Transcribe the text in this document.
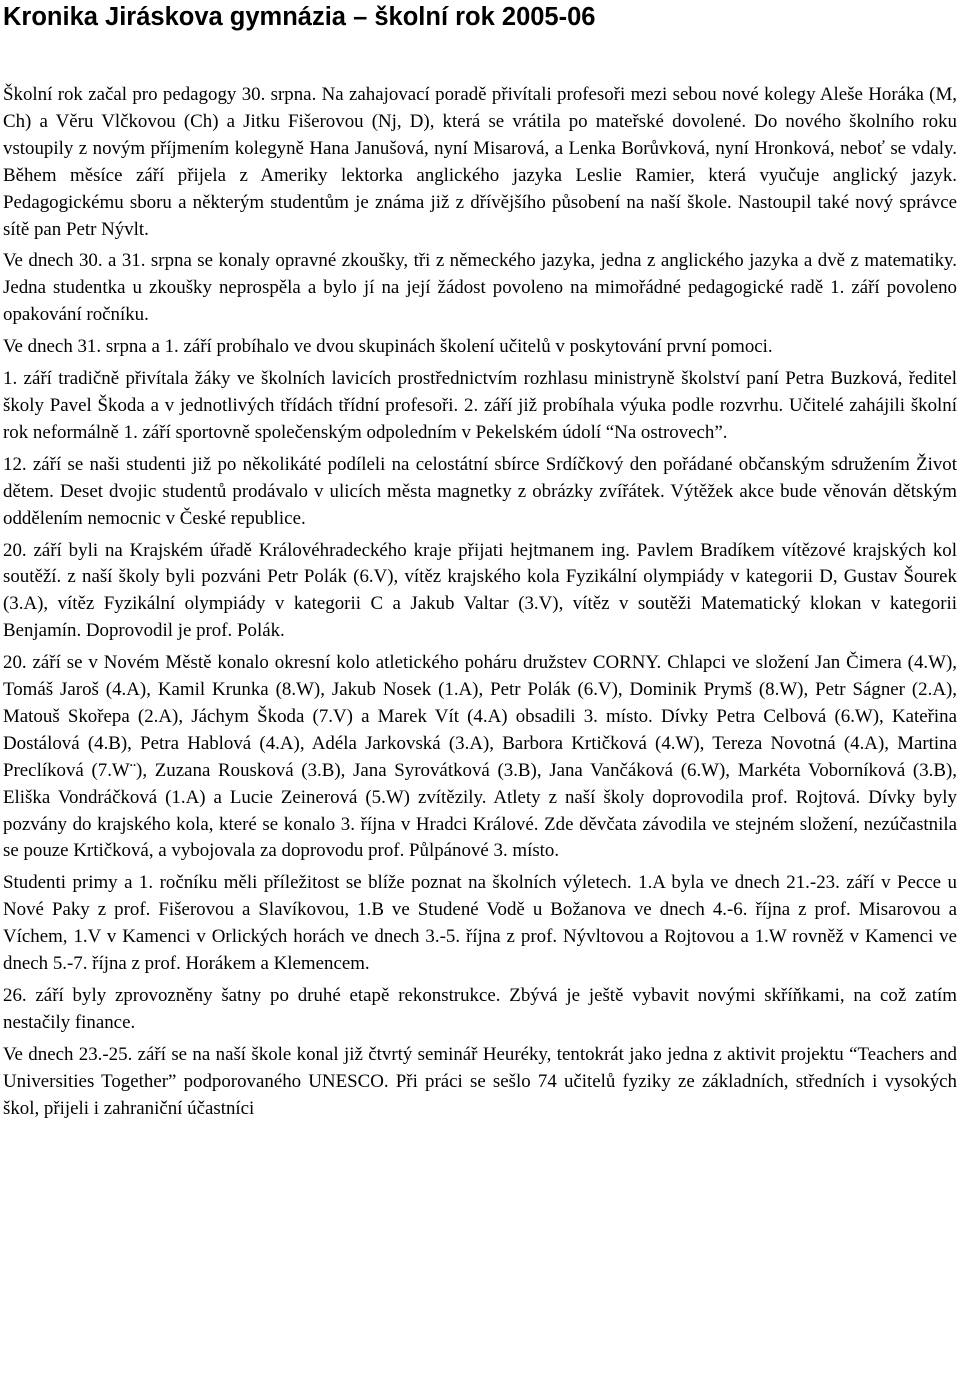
Kronika Jiráskova gymnázia – školní rok 2005-06

Školní rok začal pro pedagogy 30. srpna. Na zahajovací poradě přivítali profesoři mezi sebou nové kolegy Aleše Horáka (M, Ch) a Věru Vlčkovou (Ch) a Jitku Fišerovou (Nj, D), která se vrátila po mateřské dovolené. Do nového školního roku vstoupily z novým příjmením kolegyně Hana Janušová, nyní Misarová, a Lenka Borůvková, nyní Hronková, neboť se vdaly. Během měsíce září přijela z Ameriky lektorka anglického jazyka Leslie Ramier, která vyučuje anglický jazyk. Pedagogickému sboru a některým studentům je známa již z dřívějšího působení na naší škole. Nastoupil také nový správce sítě pan Petr Nývlt.

Ve dnech 30. a 31. srpna se konaly opravné zkoušky, tři z německého jazyka, jedna z anglického jazyka a dvě z matematiky. Jedna studentka u zkoušky neprospěla a bylo jí na její žádost povoleno na mimořádné pedagogické radě 1. září povoleno opakování ročníku.

Ve dnech 31. srpna a 1. září probíhalo ve dvou skupinách školení učitelů v poskytování první pomoci.

1. září tradičně přivítala žáky ve školních lavicích prostřednictvím rozhlasu ministryně školství paní Petra Buzková, ředitel školy Pavel Škoda a v jednotlivých třídách třídní profesoři. 2. září již probíhala výuka podle rozvrhu. Učitelé zahájili školní rok neformálně 1. září sportovně společenským odpoledním v Pekelském údolí “Na ostrovech”.

12. září se naši studenti již po několikáté podíleli na celostátní sbírce Srdíčkový den pořádané občanským sdružením Život dětem. Deset dvojic studentů prodávalo v ulicích města magnetky z obrázky zvířátek. Výtěžek akce bude věnován dětským oddělením nemocnic v České republice.

20. září byli na Krajském úřadě Královéhradeckého kraje přijati hejtmanem ing. Pavlem Bradíkem vítězové krajských kol soutěží. z naší školy byli pozváni Petr Polák (6.V), vítěz krajského kola Fyzikální olympiády v kategorii D, Gustav Šourek (3.A), vítěz Fyzikální olympiády v kategorii C a Jakub Valtar (3.V), vítěz v soutěži Matematický klokan v kategorii Benjamín. Doprovodil je prof. Polák.

20. září se v Novém Městě konalo okresní kolo atletického poháru družstev CORNY. Chlapci ve složení Jan Čimera (4.W), Tomáš Jaroš (4.A), Kamil Krunka (8.W), Jakub Nosek (1.A), Petr Polák (6.V), Dominik Prymš (8.W), Petr Ságner (2.A), Matouš Skořepa (2.A), Jáchym Škoda (7.V) a Marek Vít (4.A) obsadili 3. místo. Dívky Petra Celbová (6.W), Kateřina Dostálová (4.B), Petra Hablová (4.A), Adéla Jarkovská (3.A), Barbora Krtičková (4.W), Tereza Novotná (4.A), Martina Preclíková (7.W¨), Zuzana Rousková (3.B), Jana Syrovátková (3.B), Jana Vančáková (6.W), Markéta Voborníková (3.B), Eliška Vondráčková (1.A) a Lucie Zeinerová (5.W) zvítězily. Atlety z naší školy doprovodila prof. Rojtová. Dívky byly pozvány do krajského kola, které se konalo 3. října v Hradci Králové. Zde děvčata závodila ve stejném složení, nezúčastnila se pouze Krtičková, a vybojovala za doprovodu prof. Půlpánové 3. místo.

Studenti primy a 1. ročníku měli příležitost se blíže poznat na školních výletech. 1.A byla ve dnech 21.-23. září v Pecce u Nové Paky z prof. Fišerovou a Slavíkovou, 1.B ve Studené Vodě u Božanova ve dnech 4.-6. října z prof. Misarovou a Víchem, 1.V v Kamenci v Orlických horách ve dnech 3.-5. října z prof. Nývltovou a Rojtovou a 1.W rovněž v Kamenci ve dnech 5.-7. října z prof. Horákem a Klemencem.

26. září byly zprovozněny šatny po druhé etapě rekonstrukce. Zbývá je ještě vybavit novými skříňkami, na což zatím nestačily finance.

Ve dnech 23.-25. září se na naší škole konal již čtvrtý seminář Heuréky, tentokrát jako jedna z aktivit projektu “Teachers and Universities Together” podporovaného UNESCO. Při práci se sešlo 74 učitelů fyziky ze základních, středních i vysokých škol, přijeli i zahraniční účastníci
